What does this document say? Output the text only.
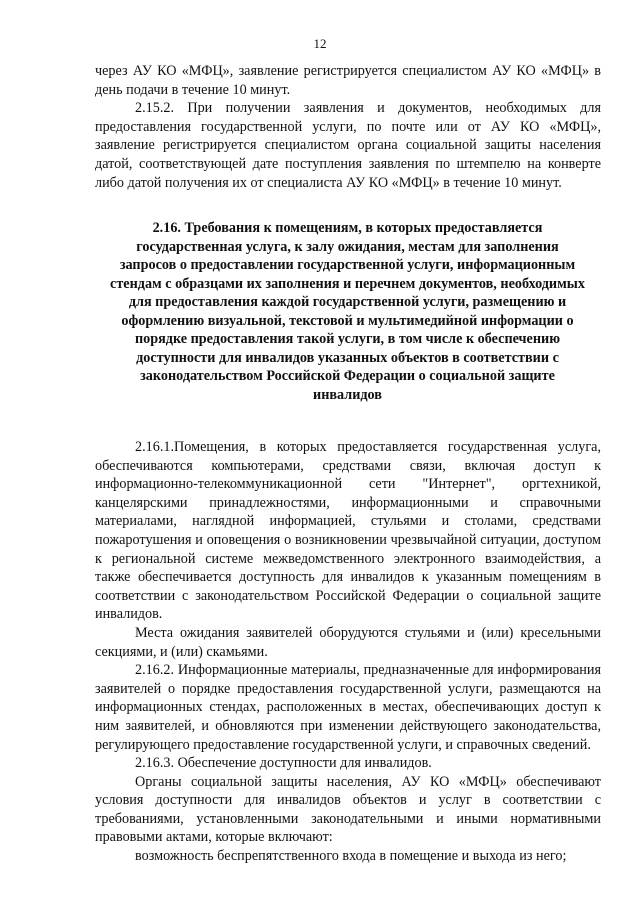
12

через АУ КО «МФЦ», заявление регистрируется специалистом АУ КО «МФЦ» в день подачи в течение 10 минут.

2.15.2. При получении заявления и документов, необходимых для предоставления государственной услуги, по почте или от АУ КО «МФЦ», заявление регистрируется специалистом органа социальной защиты населения датой, соответствующей дате поступления заявления по штемпелю на конверте либо датой получения их от специалиста АУ КО «МФЦ» в течение 10 минут.

2.16. Требования к помещениям, в которых предоставляется государственная услуга, к залу ожидания, местам для заполнения запросов о предоставлении государственной услуги, информационным стендам с образцами их заполнения и перечнем документов, необходимых для предоставления каждой государственной услуги, размещению и оформлению визуальной, текстовой и мультимедийной информации о порядке предоставления такой услуги, в том числе к обеспечению доступности для инвалидов указанных объектов в соответствии с законодательством Российской Федерации о социальной защите инвалидов

2.16.1.Помещения, в которых предоставляется государственная услуга, обеспечиваются компьютерами, средствами связи, включая доступ к информационно-телекоммуникационной сети "Интернет", оргтехникой, канцелярскими принадлежностями, информационными и справочными материалами, наглядной информацией, стульями и столами, средствами пожаротушения и оповещения о возникновении чрезвычайной ситуации, доступом к региональной системе межведомственного электронного взаимодействия, а также обеспечивается доступность для инвалидов к указанным помещениям в соответствии с законодательством Российской Федерации о социальной защите инвалидов.

Места ожидания заявителей оборудуются стульями и (или) кресельными секциями, и (или) скамьями.

2.16.2. Информационные материалы, предназначенные для информирования заявителей о порядке предоставления государственной услуги, размещаются на информационных стендах, расположенных в местах, обеспечивающих доступ к ним заявителей, и обновляются при изменении действующего законодательства, регулирующего предоставление государственной услуги, и справочных сведений.

2.16.3. Обеспечение доступности для инвалидов.

Органы социальной защиты населения, АУ КО «МФЦ» обеспечивают условия доступности для инвалидов объектов и услуг в соответствии с требованиями, установленными законодательными и иными нормативными правовыми актами, которые включают:

возможность беспрепятственного входа в помещение и выхода из него;
